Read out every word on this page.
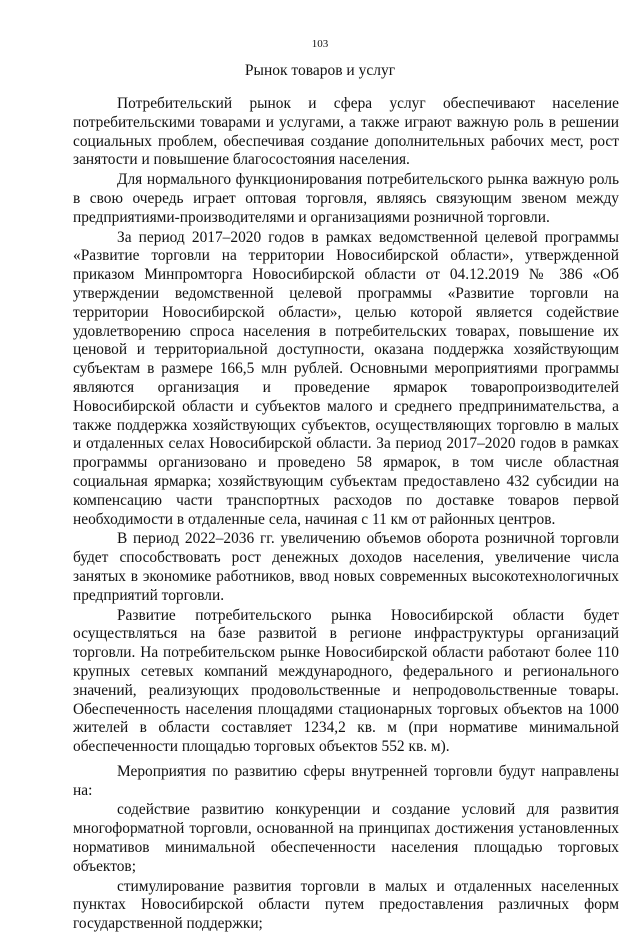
103
Рынок товаров и услуг

Потребительский рынок и сфера услуг обеспечивают население потребительскими товарами и услугами, а также играют важную роль в решении социальных проблем, обеспечивая создание дополнительных рабочих мест, рост занятости и повышение благосостояния населения.

Для нормального функционирования потребительского рынка важную роль в свою очередь играет оптовая торговля, являясь связующим звеном между предприятиями-производителями и организациями розничной торговли.

За период 2017–2020 годов в рамках ведомственной целевой программы «Развитие торговли на территории Новосибирской области», утвержденной приказом Минпромторга Новосибирской области от 04.12.2019 № 386 «Об утверждении ведомственной целевой программы «Развитие торговли на территории Новосибирской области», целью которой является содействие удовлетворению спроса населения в потребительских товарах, повышение их ценовой и территориальной доступности, оказана поддержка хозяйствующим субъектам в размере 166,5 млн рублей. Основными мероприятиями программы являются организация и проведение ярмарок товаропроизводителей Новосибирской области и субъектов малого и среднего предпринимательства, а также поддержка хозяйствующих субъектов, осуществляющих торговлю в малых и отдаленных селах Новосибирской области. За период 2017–2020 годов в рамках программы организовано и проведено 58 ярмарок, в том числе областная социальная ярмарка; хозяйствующим субъектам предоставлено 432 субсидии на компенсацию части транспортных расходов по доставке товаров первой необходимости в отдаленные села, начиная с 11 км от районных центров.

В период 2022–2036 гг. увеличению объемов оборота розничной торговли будет способствовать рост денежных доходов населения, увеличение числа занятых в экономике работников, ввод новых современных высокотехнологичных предприятий торговли.

Развитие потребительского рынка Новосибирской области будет осуществляться на базе развитой в регионе инфраструктуры организаций торговли. На потребительском рынке Новосибирской области работают более 110 крупных сетевых компаний международного, федерального и регионального значений, реализующих продовольственные и непродовольственные товары. Обеспеченность населения площадями стационарных торговых объектов на 1000 жителей в области составляет 1234,2 кв. м (при нормативе минимальной обеспеченности площадью торговых объектов 552 кв. м).

Мероприятия по развитию сферы внутренней торговли будут направлены на:

содействие развитию конкуренции и создание условий для развития многоформатной торговли, основанной на принципах достижения установленных нормативов минимальной обеспеченности населения площадью торговых объектов;

стимулирование развития торговли в малых и отдаленных населенных пунктах Новосибирской области путем предоставления различных форм государственной поддержки;
